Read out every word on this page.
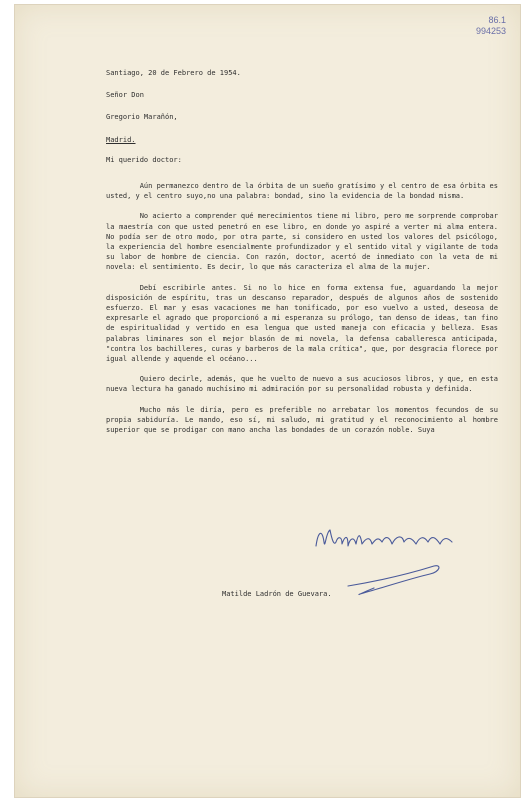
86.1
994253

Santiago, 20 de Febrero de 1954.

Señor Don

Gregorio Marañón,

Madrid.

Mi querido doctor:

Aún permanezco dentro de la órbita de un sueño gratísimo y el centro de esa órbita es usted, y el centro suyo,no una palabra: bondad, sino la evidencia de la bondad misma.

No acierto a comprender qué merecimientos tiene mi libro, pero me sorprende comprobar la maestría con que usted penetró en ese libro, en donde yo aspiré a verter mi alma entera. No podía ser de otro modo, por otra parte, si considero en usted los valores del psicólogo, la experiencia del hombre esencialmente profundizador y el sentido vital y vigilante de toda su labor de hombre de ciencia. Con razón, doctor, acertó de inmediato con la veta de mi novela: el sentimiento. Es decir, lo que más caracteriza el alma de la mujer.

Debí escribirle antes. Si no lo hice en forma extensa fue, aguardando la mejor disposición de espíritu, tras un descanso reparador, después de algunos años de sostenido esfuerzo. El mar y esas vacaciones me han tonificado, por eso vuelvo a usted, deseosa de expresarle el agrado que proporcionó a mi esperanza su prólogo, tan denso de ideas, tan fino de espiritualidad y vertido en esa lengua que usted maneja con eficacia y belleza. Esas palabras liminares son el mejor blasón de mi novela, la defensa caballeresca anticipada, "contra los bachilleres, curas y barberos de la mala crítica", que, por desgracia florece por igual allende y aquende el océano...

Quiero decirle, además, que he vuelto de nuevo a sus acuciosos libros, y que, en esta nueva lectura ha ganado muchísimo mi admiración por su personalidad robusta y definida.

Mucho más le diría, pero es preferible no arrebatar los momentos fecundos de su propia sabiduría. Le mando, eso sí, mi saludo, mi gratitud y el reconocimiento al hombre superior que se prodigar con mano ancha las bondades de un corazón noble. Suya

Matilde Ladrón de Guevara.
